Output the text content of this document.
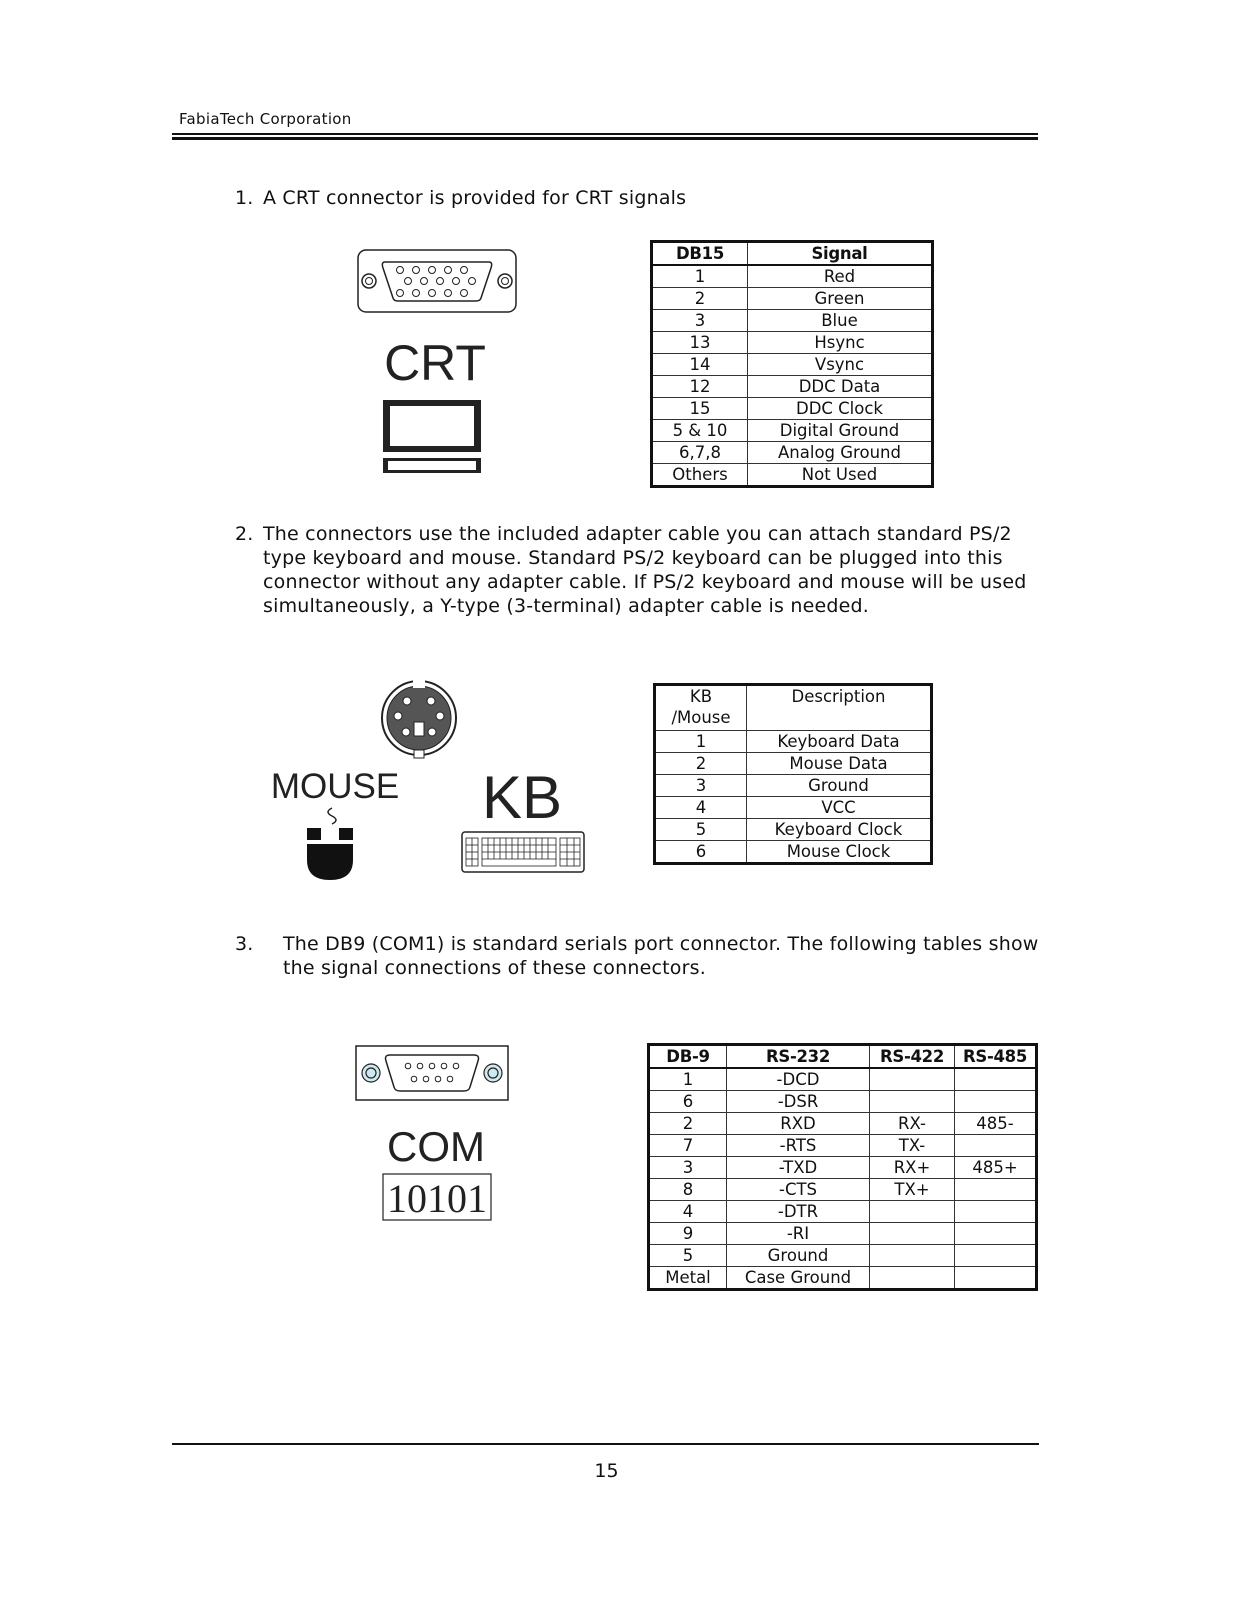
FabiaTech Corporation
1. A CRT connector is provided for CRT signals
CRT
DB15	Signal
1	Red
2	Green
3	Blue
13	Hsync
14	Vsync
12	DDC Data
15	DDC Clock
5 & 10	Digital Ground
6,7,8	Analog Ground
Others	Not Used
2. The connectors use the included adapter cable you can attach standard PS/2
type keyboard and mouse. Standard PS/2 keyboard can be plugged into this
connector without any adapter cable. If PS/2 keyboard and mouse will be used
simultaneously, a Y-type (3-terminal) adapter cable is needed.
MOUSE KB
KB
/Mouse	Description
1	Keyboard Data
2	Mouse Data
3	Ground
4	VCC
5	Keyboard Clock
6	Mouse Clock
3. The DB9 (COM1) is standard serials port connector. The following tables show
the signal connections of these connectors.
COM
10101
DB-9	RS-232	RS-422	RS-485
1	-DCD		
6	-DSR		
2	RXD	RX-	485-
7	-RTS	TX-	
3	-TXD	RX+	485+
8	-CTS	TX+	
4	-DTR		
9	-RI		
5	Ground		
Metal	Case Ground		
15
